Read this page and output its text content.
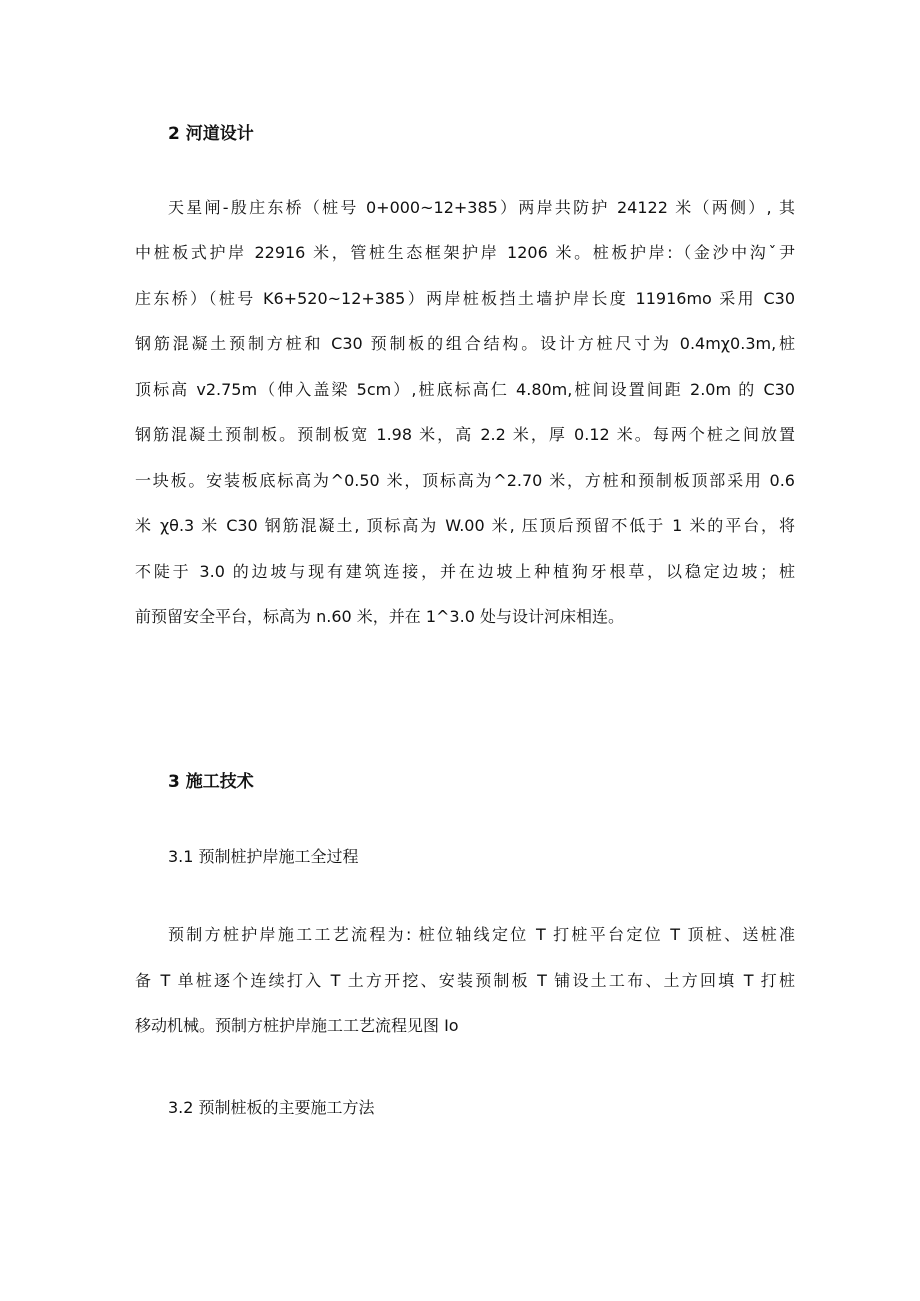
2 河道设计
天星闸-殷庄东桥（桩号 0+000~12+385）两岸共防护 24122 米（两侧）, 其
中桩板式护岸 22916 米，管桩生态框架护岸 1206 米。桩板护岸:（金沙中沟ˇ尹
庄东桥）（桩号 K6+520~12+385）两岸桩板挡土墙护岸长度 11916mo 采用 C30
钢筋混凝土预制方桩和 C30 预制板的组合结构。设计方桩尺寸为 0.4mχ0.3m,桩
顶标高 v2.75m（伸入盖梁 5cm）,桩底标高仁 4.80m,桩间设置间距 2.0m 的 C30
钢筋混凝土预制板。预制板宽 1.98 米，高 2.2 米，厚 0.12 米。每两个桩之间放置
一块板。安装板底标高为^0.50 米，顶标高为^2.70 米，方桩和预制板顶部采用 0.6
米 χθ.3 米 C30 钢筋混凝土, 顶标高为 W.00 米, 压顶后预留不低于 1 米的平台，将
不陡于 3.0 的边坡与现有建筑连接，并在边坡上种植狗牙根草，以稳定边坡；桩
前预留安全平台，标高为 n.60 米，并在 1^3.0 处与设计河床相连。
3 施工技术
3.1 预制桩护岸施工全过程
预制方桩护岸施工工艺流程为: 桩位轴线定位 T 打桩平台定位 T 顶桩、送桩准
备 T 单桩逐个连续打入 T 土方开挖、安装预制板 T 铺设土工布、土方回填 T 打桩
移动机械。预制方桩护岸施工工艺流程见图 Io
3.2 预制桩板的主要施工方法
